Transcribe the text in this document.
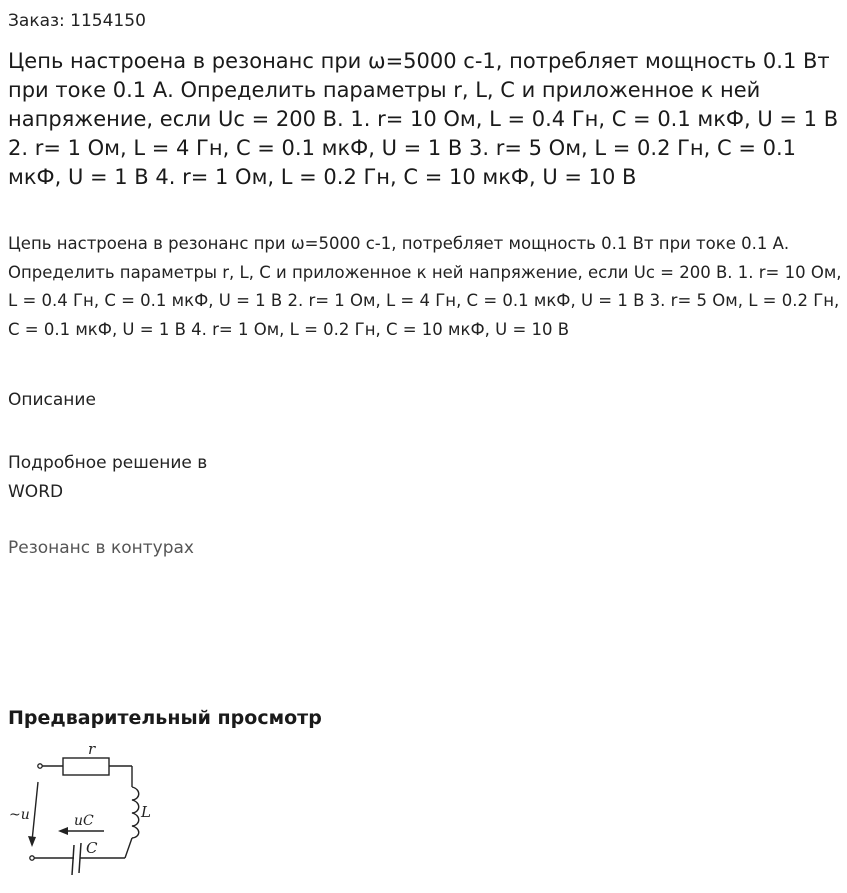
Заказ: 1154150
Цепь настроена в резонанс при ω=5000 с-1, потребляет мощность 0.1 Вт при токе 0.1 А. Определить параметры r, L, C и приложенное к ней напряжение, если Uc = 200 В. 1. r= 10 Ом, L = 0.4 Гн, C = 0.1 мкФ, U = 1 В 2. r= 1 Ом, L = 4 Гн, C = 0.1 мкФ, U = 1 В 3. r= 5 Ом, L = 0.2 Гн, C = 0.1 мкФ, U = 1 В 4. r= 1 Ом, L = 0.2 Гн, C = 10 мкФ, U = 10 В
Цепь настроена в резонанс при ω=5000 с-1, потребляет мощность 0.1 Вт при токе 0.1 А. Определить параметры r, L, C и приложенное к ней напряжение, если Uc = 200 В. 1. r= 10 Ом, L = 0.4 Гн, C = 0.1 мкФ, U = 1 В 2. r= 1 Ом, L = 4 Гн, C = 0.1 мкФ, U = 1 В 3. r= 5 Ом, L = 0.2 Гн, C = 0.1 мкФ, U = 1 В 4. r= 1 Ом, L = 0.2 Гн, C = 10 мкФ, U = 10 В
Описание
Подробное решение в WORD
Резонанс в контурах
Предварительный просмотр
r
L
C
~u	uC
